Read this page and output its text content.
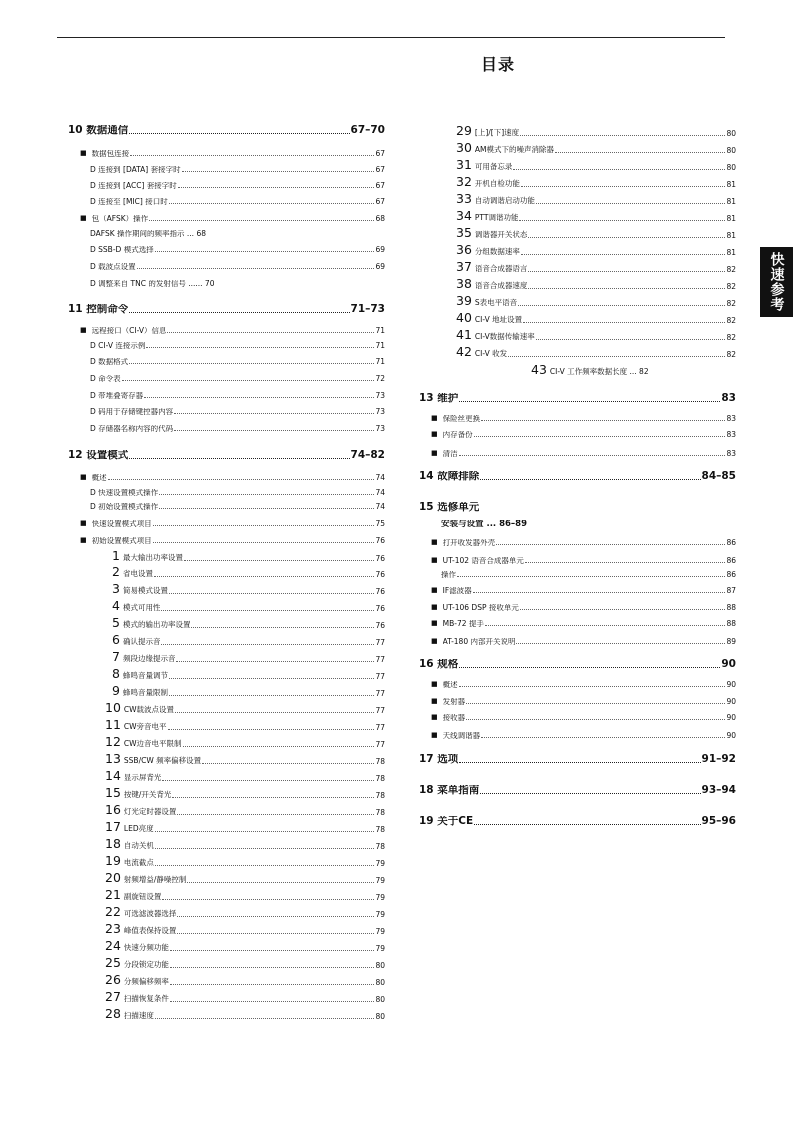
目录
快速参考
10 数据通信	67–70
■ 数据包连接	67
D 连接到 [DATA] 套接字时	67
D 连接到 [ACC] 套接字时	67
D 连接至 [MIC] 接口时	67
■ 包（AFSK）操作	68
DAFSK 操作期间的频率指示 ... 68
D SSB-D 模式选择	69
D 载波点设置	69
D 调整来自 TNC 的发射信号 ...... 70
11 控制命令	71–73
■ 远程接口（CI-V）信息	71
D CI-V 连接示例	71
D 数据格式	71
D 命令表	72
D 带堆叠寄存器	73
D 码用于存储键控器内容	73
D 存储器名称内容的代码	73
12 设置模式	74–82
■ 概述	74
D 快速设置模式操作	74
D 初始设置模式操作	74
■ 快速设置模式项目	75
■ 初始设置模式项目	76
1 最大输出功率设置	76
2 省电设置	76
3 简易模式设置	76
4 模式可用性	76
5 模式的输出功率设置	76
6 确认提示音	77
7 频段边缘提示音	77
8 蜂鸣音量调节	77
9 蜂鸣音量限制	77
10 CW载波点设置	77
11 CW旁音电平	77
12 CW边音电平限制	77
13 SSB/CW 频率偏移设置	78
14 显示屏背光	78
15 按键/开关背光	78
16 灯光定时器设置	78
17 LED亮度	78
18 自动关机	78
19 电流截点	79
20 射频增益/静噪控制	79
21 副旋钮设置	79
22 可选滤波器选择	79
23 峰值表保持设置	79
24 快速分频功能	79
25 分段锁定功能	80
26 分频偏移频率	80
27 扫描恢复条件	80
28 扫描速度	80
29 [上]/[下]速度	80
30 AM模式下的噪声消除器	80
31 可用备忘录	80
32 开机自检功能	81
33 自动调谐启动功能	81
34 PTT调谐功能	81
35 调谐器开关状态	81
36 分组数据速率	81
37 语音合成器语言	82
38 语音合成器速度	82
39 S表电平语音	82
40 CI-V 地址设置	82
41 CI-V数据传输速率	82
42 CI-V 收发	82
43 CI-V 工作频率数据长度 ... 82
13 维护	83
■ 保险丝更换	83
■ 内存备份	83
■ 清洁	83
14 故障排除	84–85
15 选修单元
安装与设置 ... 86–89
■ 打开收发器外壳	86
■ UT-102 语音合成器单元	86
操作	86
■ IF滤波器	87
■ UT-106 DSP 接收单元	88
■ MB-72 提手	88
■ AT-180 内部开关说明	89
16 规格	90
■ 概述	90
■ 发射器	90
■ 接收器	90
■ 天线调谐器	90
17 选项	91–92
18 菜单指南	93–94
19 关于CE	95–96
